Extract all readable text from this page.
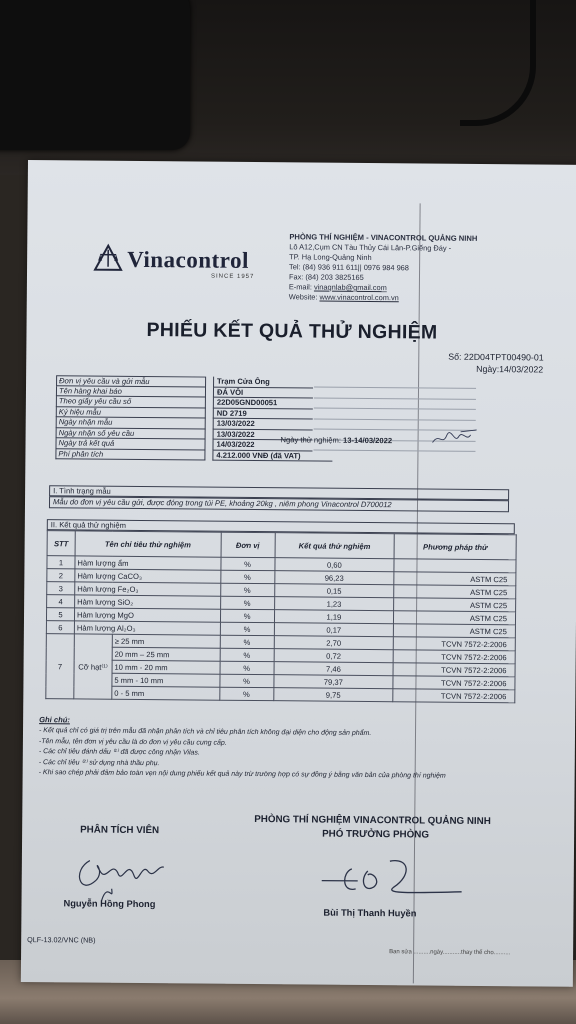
Vinacontrol
SINCE 1957
PHÒNG THÍ NGHIỆM - VINACONTROL QUẢNG NINH
Lô A12,Cụm CN Tàu Thủy Cái Lân-P.Giếng Đáy -
TP. Hạ Long-Quảng Ninh
Tel: (84) 936 911 611|| 0976 984 968
Fax: (84) 203 3825165
E-mail: vinaqnlab@gmail.com
Website: www.vinacontrol.com.vn
PHIẾU KẾT QUẢ THỬ NGHIỆM
Số: 22D04TPT00490-01
Ngày:14/03/2022
Đơn vị yêu cầu và gửi mẫu	Trạm Cửa Ông
Tên hàng khai báo	ĐÁ VÔI
Theo giấy yêu cầu số	22D05GND00051
Ký hiệu mẫu	ND 2719
Ngày nhận mẫu	13/03/2022
Ngày nhận số yêu cầu	13/03/2022
Ngày trả kết quả	14/03/2022
Phí phân tích	4.212.000 VNĐ (đã VAT)
Ngày thử nghiệm: 13-14/03/2022
I. Tình trạng mẫu
Mẫu do đơn vị yêu cầu gửi, được đóng trong túi PE, khoảng 20kg , niêm phong Vinacontrol D700012
II. Kết quả thử nghiệm
STT	Tên chỉ tiêu thử nghiệm		Đơn vị	Kết quả thử nghiệm	Phương pháp thử
1	Hàm lượng ẩm		%	0,60	
2	Hàm lượng CaCO₃		%	96,23	ASTM C25
3	Hàm lượng Fe₂O₃		%	0,15	ASTM C25
4	Hàm lượng SiO₂		%	1,23	ASTM C25
5	Hàm lượng MgO		%	1,19	ASTM C25
6	Hàm lượng Al₂O₃		%	0,17	ASTM C25
7	Cỡ hạt⁽¹⁾	≥ 25 mm	%	2,70	TCVN 7572-2:2006
		20 mm – 25 mm	%	0,72	TCVN 7572-2:2006
		10 mm - 20 mm	%	7,46	TCVN 7572-2:2006
		5 mm - 10 mm	%	79,37	TCVN 7572-2:2006
		0 - 5 mm	%	9,75	TCVN 7572-2:2006
Ghi chú:
- Kết quả chỉ có giá trị trên mẫu đã nhận phân tích và chỉ tiêu phân tích không đại diện cho động sản phẩm.
-Tên mẫu, tên đơn vị yêu cầu là do đơn vị yêu cầu cung cấp.
- Các chỉ tiêu đánh dấu ⁽¹⁾ đã được công nhận Vilas.
- Các chỉ tiêu ⁽²⁾ sử dụng nhà thầu phụ.
- Khi sao chép phải đảm bảo toàn vẹn nội dung phiếu kết quả này trừ trường hợp có sự đồng ý bằng văn bản của phòng thí nghiệm
PHÂN TÍCH VIÊN
PHÒNG THÍ NGHIỆM VINACONTROL QUẢNG NINH
PHÓ TRƯỞNG PHÒNG
Nguyễn Hồng Phong
Bùi Thị Thanh Huyền
QLF-13.02/VNC (NB)
Ban sửa ..........ngày...........thay thế cho..........
